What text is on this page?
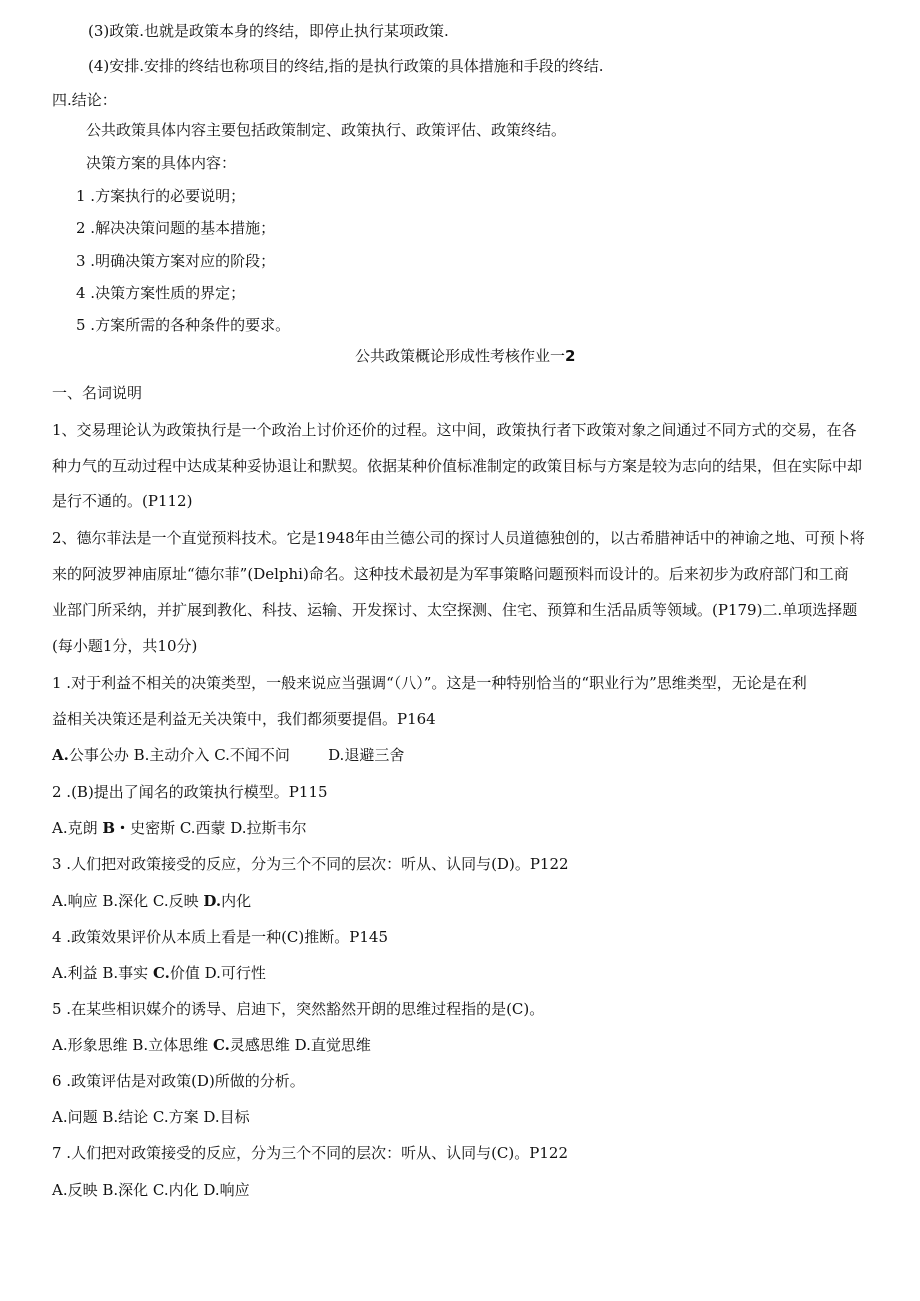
(3)政策.也就是政策本身的终结，即停止执行某项政策.
(4)安排.安排的终结也称项目的终结,指的是执行政策的具体措施和手段的终结.
四.结论：
公共政策具体内容主要包括政策制定、政策执行、政策评估、政策终结。
决策方案的具体内容：
1 .方案执行的必要说明；
2 .解决决策问题的基本措施；
3 .明确决策方案对应的阶段；
4 .决策方案性质的界定；
5 .方案所需的各种条件的要求。
公共政策概论形成性考核作业一2
一、名词说明
1、交易理论认为政策执行是一个政治上讨价还价的过程。这中间，政策执行者下政策对象之间通过不同方式的交易，在各
种力气的互动过程中达成某种妥协退让和默契。依据某种价值标准制定的政策目标与方案是较为志向的结果，但在实际中却
是行不通的。(P112)
2、德尔菲法是一个直觉预料技术。它是1948年由兰德公司的探讨人员道德独创的，以古希腊神话中的神谕之地、可预卜将
来的阿波罗神庙原址“德尔菲”(Delphi)命名。这种技术最初是为军事策略问题预料而设计的。后来初步为政府部门和工商
业部门所采纳，并扩展到教化、科技、运输、开发探讨、太空探测、住宅、预算和生活品质等领域。(P179)二.单项选择题
(每小题1分，共10分)
1 .对于利益不相关的决策类型，一般来说应当强调“（八）”。这是一种特别恰当的“职业行为”思维类型，无论是在利
益相关决策还是利益无关决策中，我们都须要提倡。P164
A.公事公办 B.主动介入 C.不闻不问        D.退避三舍
2 .(B)提出了闻名的政策执行模型。P115
A.克朗 B・史密斯 C.西蒙 D.拉斯韦尔
3 .人们把对政策接受的反应，分为三个不同的层次：听从、认同与(D)。P122
A.响应 B.深化 C.反映 D.内化
4 .政策效果评价从本质上看是一种(C)推断。P145
A.利益 B.事实 C.价值 D.可行性
5 .在某些相识媒介的诱导、启迪下，突然豁然开朗的思维过程指的是(C)。
A.形象思维 B.立体思维 C.灵感思维 D.直觉思维
6 .政策评估是对政策(D)所做的分析。
A.问题 B.结论 C.方案 D.目标
7 .人们把对政策接受的反应，分为三个不同的层次：听从、认同与(C)。P122
A.反映 B.深化 C.内化 D.响应
